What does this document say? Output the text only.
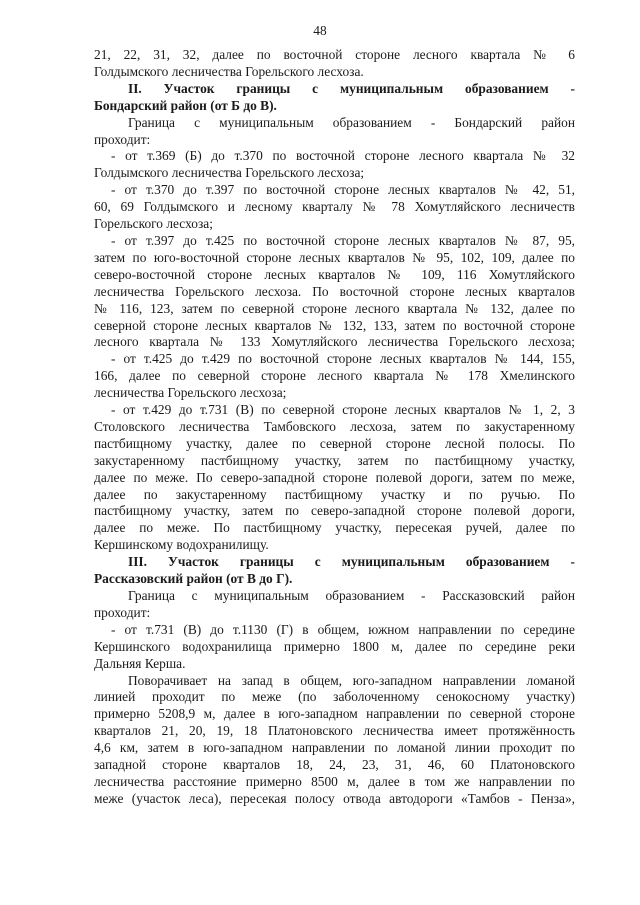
48
21, 22, 31, 32, далее по восточной стороне лесного квартала № 6
Голдымского лесничества Горельского лесхоза.
II. Участок границы с муниципальным образованием -
Бондарский район (от Б до В).
Граница с муниципальным образованием - Бондарский район
проходит:
- от т.369 (Б) до т.370 по восточной стороне лесного квартала № 32
Голдымского лесничества Горельского лесхоза;
- от т.370 до т.397 по восточной стороне лесных кварталов № 42, 51,
60, 69 Голдымского и лесному кварталу № 78 Хомутляйского лесничеств
Горельского лесхоза;
- от т.397 до т.425 по восточной стороне лесных кварталов № 87, 95,
затем по юго-восточной стороне лесных кварталов № 95, 102, 109, далее по
северо-восточной стороне лесных кварталов № 109, 116 Хомутляйского
лесничества Горельского лесхоза. По восточной стороне лесных кварталов
№ 116, 123, затем по северной стороне лесного квартала № 132, далее по
северной стороне лесных кварталов № 132, 133, затем по восточной стороне
лесного квартала № 133 Хомутляйского лесничества Горельского лесхоза;
- от т.425 до т.429 по восточной стороне лесных кварталов № 144, 155,
166, далее по северной стороне лесного квартала № 178 Хмелинского
лесничества Горельского лесхоза;
- от т.429 до т.731 (В) по северной стороне лесных кварталов № 1, 2, 3
Столовского лесничества Тамбовского лесхоза, затем по закустаренному
пастбищному участку, далее по северной стороне лесной полосы. По
закустаренному пастбищному участку, затем по пастбищному участку,
далее по меже. По северо-западной стороне полевой дороги, затем по меже,
далее по закустаренному пастбищному участку и по ручью. По
пастбищному участку, затем по северо-западной стороне полевой дороги,
далее по меже. По пастбищному участку, пересекая ручей, далее по
Кершинскому водохранилищу.
III. Участок границы с муниципальным образованием -
Рассказовский район (от В до Г).
Граница с муниципальным образованием - Рассказовский район
проходит:
- от т.731 (В) до т.1130 (Г) в общем, южном направлении по середине
Кершинского водохранилища примерно 1800 м, далее по середине реки
Дальняя Керша.
Поворачивает на запад в общем, юго-западном направлении ломаной
линией проходит по меже (по заболоченному сенокосному участку)
примерно 5208,9 м, далее в юго-западном направлении по северной стороне
кварталов 21, 20, 19, 18 Платоновского лесничества имеет протяжённость
4,6 км, затем в юго-западном направлении по ломаной линии проходит по
западной стороне кварталов 18, 24, 23, 31, 46, 60 Платоновского
лесничества расстояние примерно 8500 м, далее в том же направлении по
меже (участок леса), пересекая полосу отвода автодороги «Тамбов - Пенза»,
